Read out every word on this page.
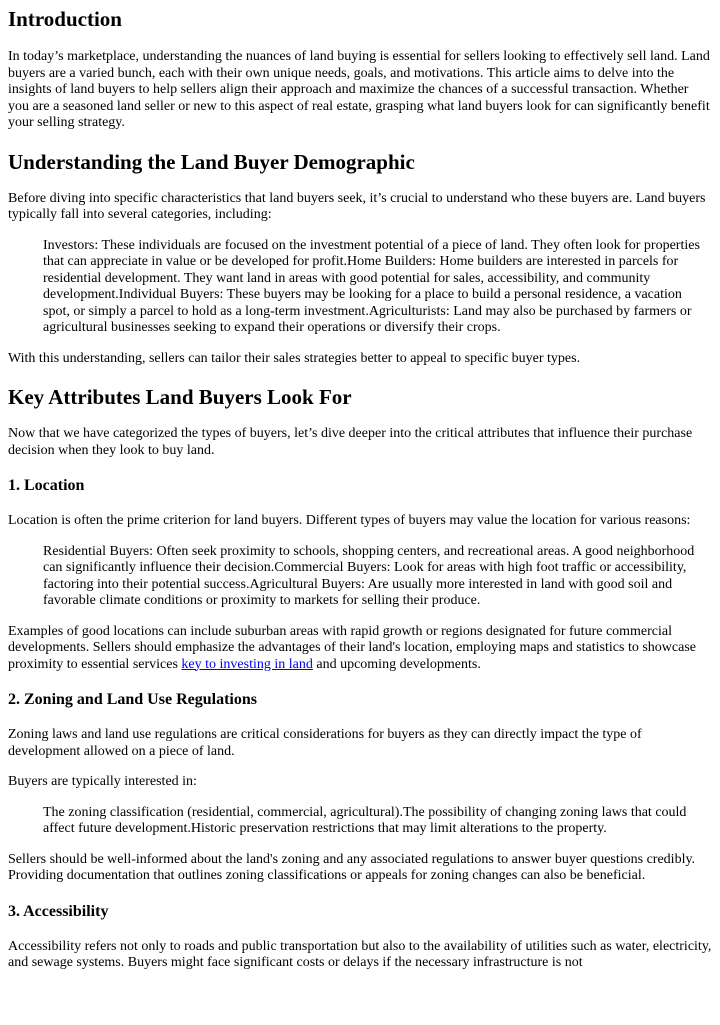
Introduction

In today’s marketplace, understanding the nuances of land buying is essential for sellers looking to effectively sell land. Land buyers are a varied bunch, each with their own unique needs, goals, and motivations. This article aims to delve into the insights of land buyers to help sellers align their approach and maximize the chances of a successful transaction. Whether you are a seasoned land seller or new to this aspect of real estate, grasping what land buyers look for can significantly benefit your selling strategy.

Understanding the Land Buyer Demographic

Before diving into specific characteristics that land buyers seek, it’s crucial to understand who these buyers are. Land buyers typically fall into several categories, including:

Investors: These individuals are focused on the investment potential of a piece of land. They often look for properties that can appreciate in value or be developed for profit.Home Builders: Home builders are interested in parcels for residential development. They want land in areas with good potential for sales, accessibility, and community development.Individual Buyers: These buyers may be looking for a place to build a personal residence, a vacation spot, or simply a parcel to hold as a long-term investment.Agriculturists: Land may also be purchased by farmers or agricultural businesses seeking to expand their operations or diversify their crops.

With this understanding, sellers can tailor their sales strategies better to appeal to specific buyer types.

Key Attributes Land Buyers Look For

Now that we have categorized the types of buyers, let’s dive deeper into the critical attributes that influence their purchase decision when they look to buy land.

1. Location

Location is often the prime criterion for land buyers. Different types of buyers may value the location for various reasons:

Residential Buyers: Often seek proximity to schools, shopping centers, and recreational areas. A good neighborhood can significantly influence their decision.Commercial Buyers: Look for areas with high foot traffic or accessibility, factoring into their potential success.Agricultural Buyers: Are usually more interested in land with good soil and favorable climate conditions or proximity to markets for selling their produce.

Examples of good locations can include suburban areas with rapid growth or regions designated for future commercial developments. Sellers should emphasize the advantages of their land's location, employing maps and statistics to showcase proximity to essential services key to investing in land and upcoming developments.

2. Zoning and Land Use Regulations

Zoning laws and land use regulations are critical considerations for buyers as they can directly impact the type of development allowed on a piece of land.

Buyers are typically interested in:

The zoning classification (residential, commercial, agricultural).The possibility of changing zoning laws that could affect future development.Historic preservation restrictions that may limit alterations to the property.

Sellers should be well-informed about the land's zoning and any associated regulations to answer buyer questions credibly. Providing documentation that outlines zoning classifications or appeals for zoning changes can also be beneficial.

3. Accessibility

Accessibility refers not only to roads and public transportation but also to the availability of utilities such as water, electricity, and sewage systems. Buyers might face significant costs or delays if the necessary infrastructure is not
